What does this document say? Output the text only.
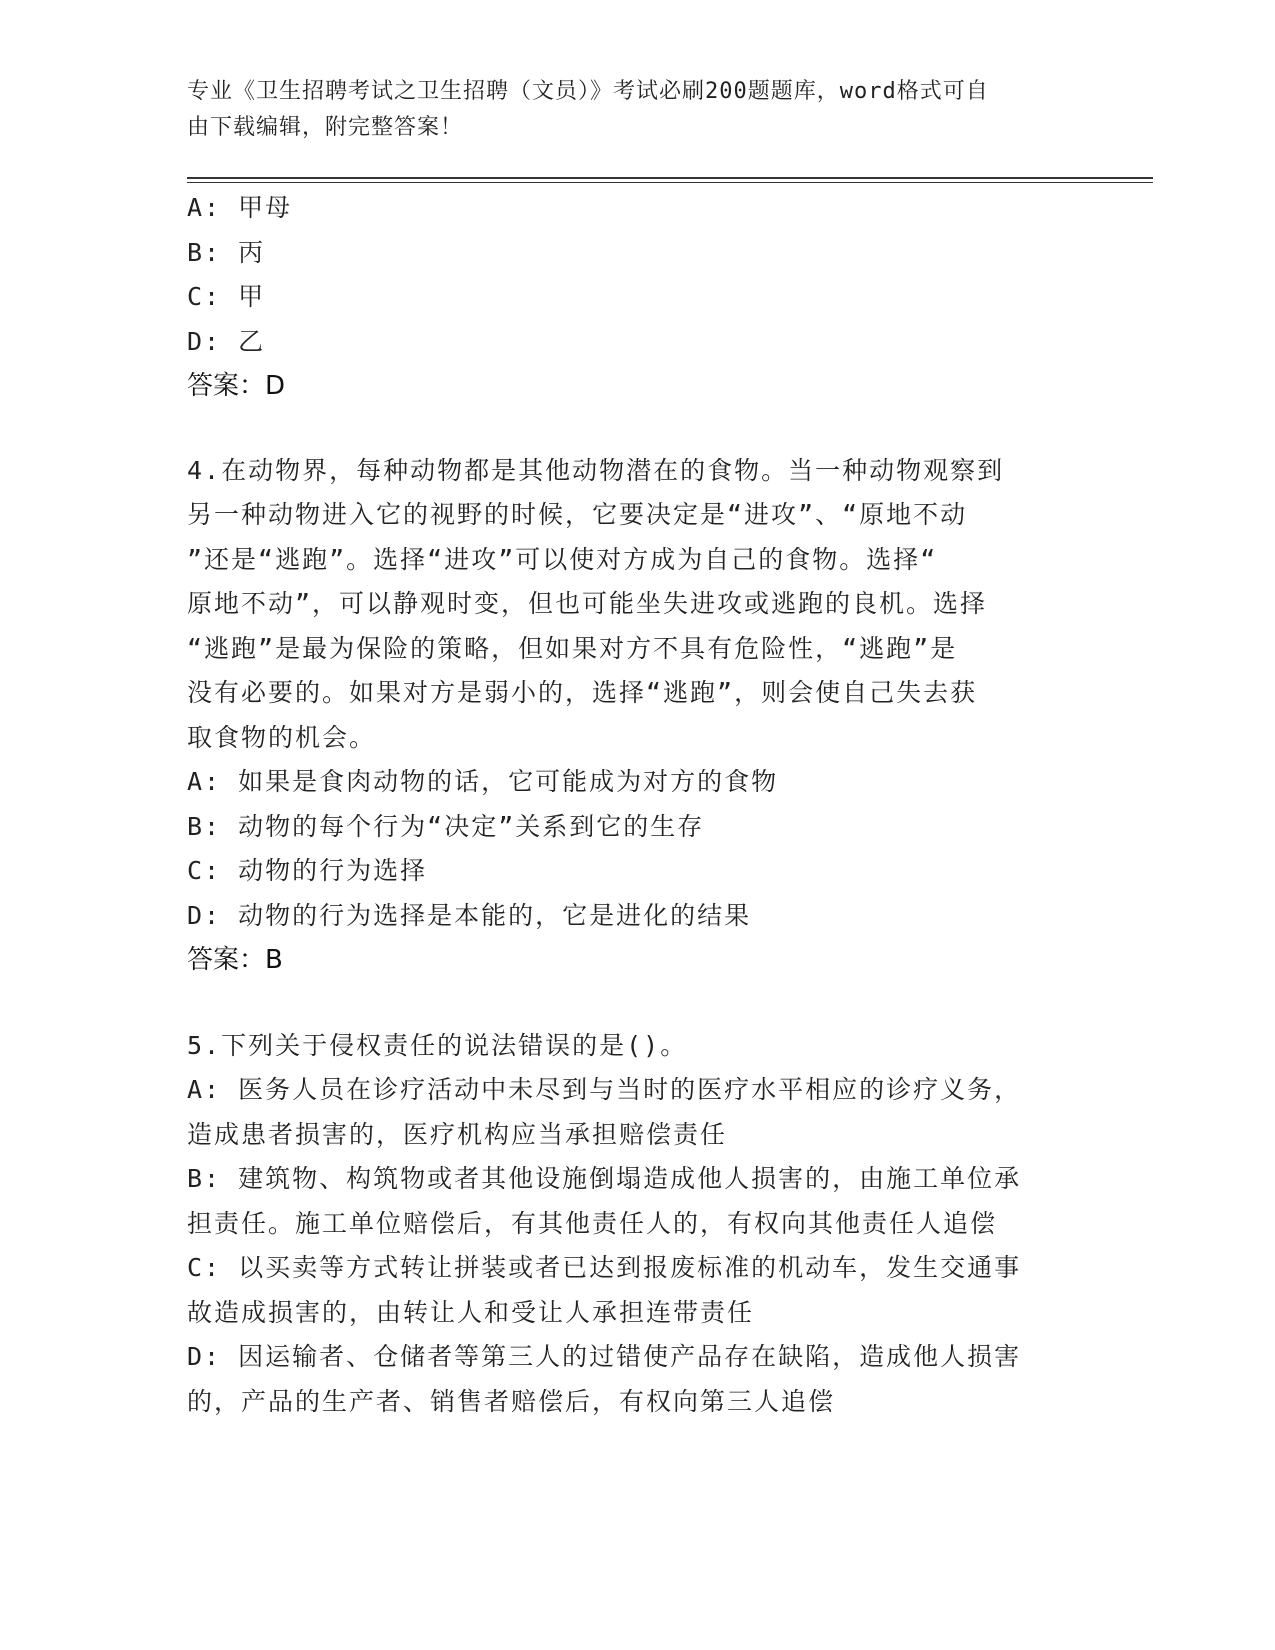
专业《卫生招聘考试之卫生招聘（文员）》考试必刷200题题库，word格式可自
由下载编辑，附完整答案！
A: 甲母
B: 丙
C: 甲
D: 乙
答案：D
4.在动物界，每种动物都是其他动物潜在的食物。当一种动物观察到
另一种动物进入它的视野的时候，它要决定是“进攻”、“原地不动
”还是“逃跑”。选择“进攻”可以使对方成为自己的食物。选择“
原地不动”，可以静观时变，但也可能坐失进攻或逃跑的良机。选择
“逃跑”是最为保险的策略，但如果对方不具有危险性，“逃跑”是
没有必要的。如果对方是弱小的，选择“逃跑”，则会使自己失去获
取食物的机会。
A: 如果是食肉动物的话，它可能成为对方的食物
B: 动物的每个行为“决定”关系到它的生存
C: 动物的行为选择
D: 动物的行为选择是本能的，它是进化的结果
答案：B
5.下列关于侵权责任的说法错误的是()。
A: 医务人员在诊疗活动中未尽到与当时的医疗水平相应的诊疗义务，
造成患者损害的，医疗机构应当承担赔偿责任
B: 建筑物、构筑物或者其他设施倒塌造成他人损害的，由施工单位承
担责任。施工单位赔偿后，有其他责任人的，有权向其他责任人追偿
C: 以买卖等方式转让拼装或者已达到报废标准的机动车，发生交通事
故造成损害的，由转让人和受让人承担连带责任
D: 因运输者、仓储者等第三人的过错使产品存在缺陷，造成他人损害
的，产品的生产者、销售者赔偿后，有权向第三人追偿
